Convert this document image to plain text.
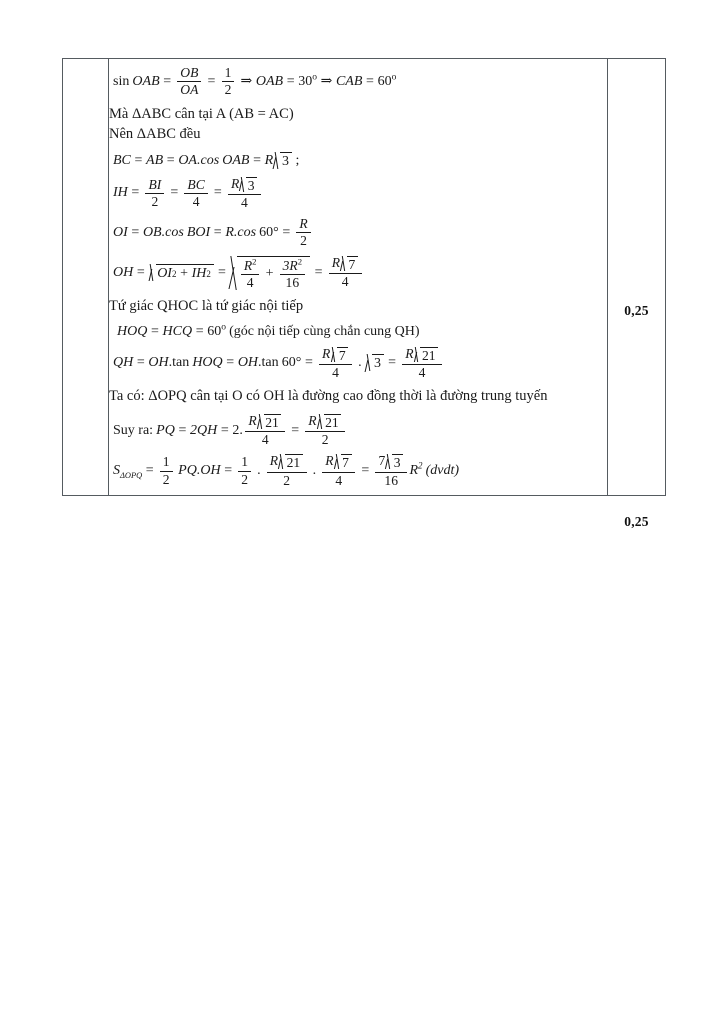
sin OAB = $\frac{OB}{OA} = \frac{1}{2}$ ⇒ OAB = $30^o$ ⇒ CAB = $60^o$
Mà ΔABC cân tại A (AB = AC)
Nên ΔABC đều
BC = AB = OA.cos OAB = R 3 ;
IH = $\frac{BI}{2} = \frac{BC}{4} = \frac{R 3}{4}$
OI = OB.cos BOI = R.cos $60^\circ = \frac{R}{2}$
OH = OI 2 + IH $2 = \frac{R^2}{4} + \frac{3R^2}{16} = \frac{R 7}{4}$
Tứ giác QHOC là tứ giác nội tiếp
HOQ = HCQ = $60^o$ (góc nội tiếp cùng chắn cung QH)
QH = OH .tan HOQ = OH .tan $60^\circ = \frac{R 7}{4}$ . $3 = \frac{R 21}{4}$
Ta có: ΔOPQ cân tại O có OH là đường cao đồng thời là đường trung tuyến
Suy ra: PQ = 2QH = 2. $\frac{R 21}{4} = \frac{R 21}{2}$
$S_{\Delta OPQ} = \frac{1}{2} PQ.OH = \frac{1}{2}$ . $\frac{R 21}{2}$ . $\frac{R 7}{4} = \frac{7 3}{16} R^2$ (dvdt)

0,25
0,25
